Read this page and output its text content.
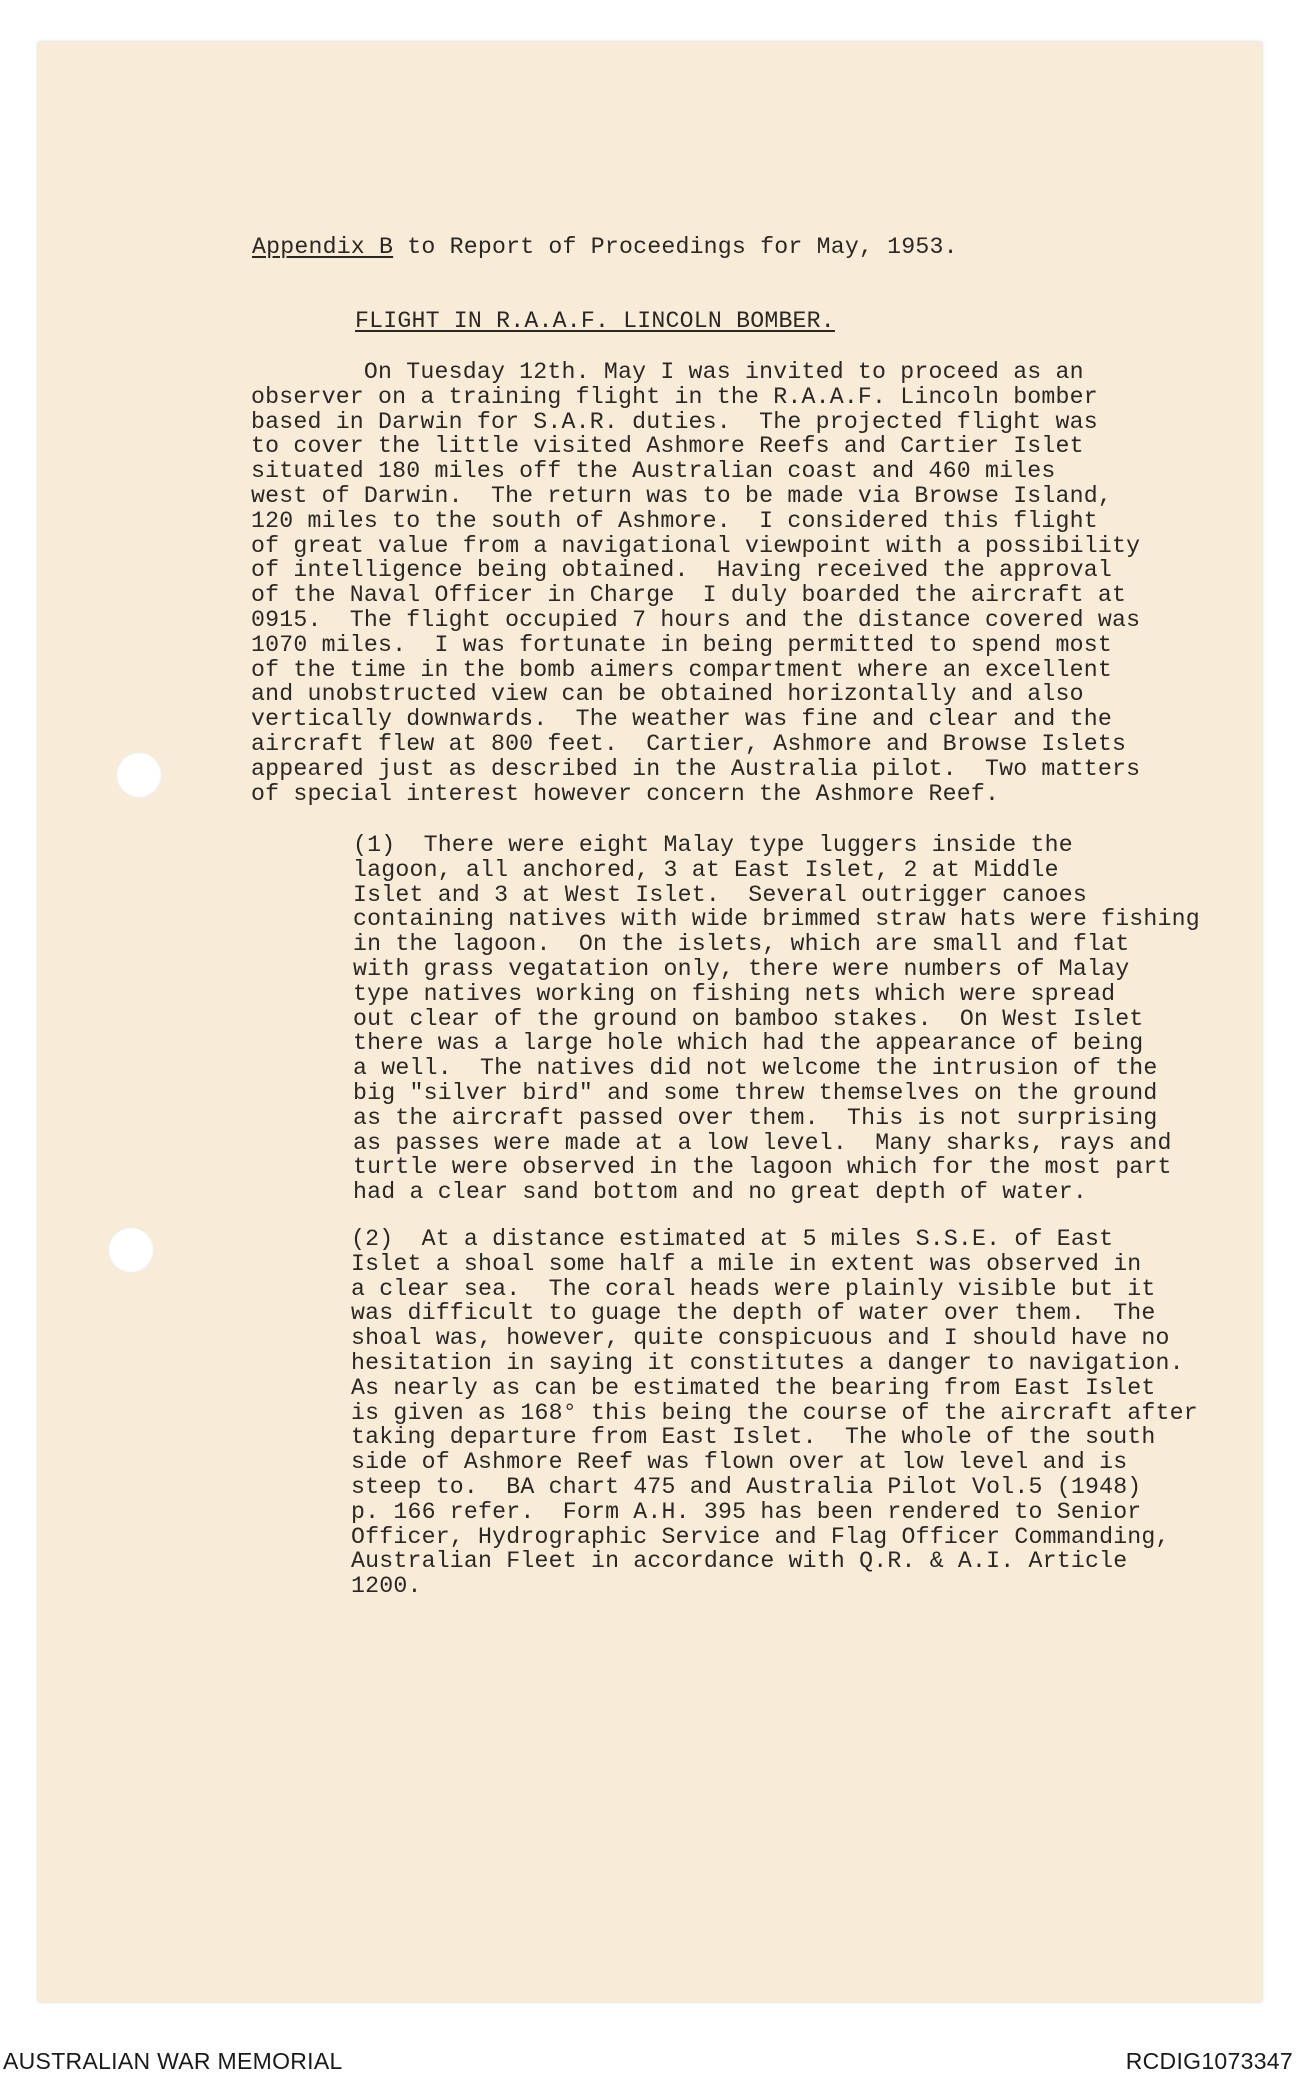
Appendix B to Report of Proceedings for May, 1953.
FLIGHT IN R.A.A.F. LINCOLN BOMBER.
On Tuesday 12th. May I was invited to proceed as an
observer on a training flight in the R.A.A.F. Lincoln bomber
based in Darwin for S.A.R. duties.  The projected flight was
to cover the little visited Ashmore Reefs and Cartier Islet
situated 180 miles off the Australian coast and 460 miles
west of Darwin.  The return was to be made via Browse Island,
120 miles to the south of Ashmore.  I considered this flight
of great value from a navigational viewpoint with a possibility
of intelligence being obtained.  Having received the approval
of the Naval Officer in Charge  I duly boarded the aircraft at
0915.  The flight occupied 7 hours and the distance covered was
1070 miles.  I was fortunate in being permitted to spend most
of the time in the bomb aimers compartment where an excellent
and unobstructed view can be obtained horizontally and also
vertically downwards.  The weather was fine and clear and the
aircraft flew at 800 feet.  Cartier, Ashmore and Browse Islets
appeared just as described in the Australia pilot.  Two matters
of special interest however concern the Ashmore Reef.
(1)  There were eight Malay type luggers inside the
lagoon, all anchored, 3 at East Islet, 2 at Middle
Islet and 3 at West Islet.  Several outrigger canoes
containing natives with wide brimmed straw hats were fishing
in the lagoon.  On the islets, which are small and flat
with grass vegatation only, there were numbers of Malay
type natives working on fishing nets which were spread
out clear of the ground on bamboo stakes.  On West Islet
there was a large hole which had the appearance of being
a well.  The natives did not welcome the intrusion of the
big "silver bird" and some threw themselves on the ground
as the aircraft passed over them.  This is not surprising
as passes were made at a low level.  Many sharks, rays and
turtle were observed in the lagoon which for the most part
had a clear sand bottom and no great depth of water.
(2)  At a distance estimated at 5 miles S.S.E. of East
Islet a shoal some half a mile in extent was observed in
a clear sea.  The coral heads were plainly visible but it
was difficult to guage the depth of water over them.  The
shoal was, however, quite conspicuous and I should have no
hesitation in saying it constitutes a danger to navigation.
As nearly as can be estimated the bearing from East Islet
is given as 168° this being the course of the aircraft after
taking departure from East Islet.  The whole of the south
side of Ashmore Reef was flown over at low level and is
steep to.  BA chart 475 and Australia Pilot Vol.5 (1948)
p. 166 refer.  Form A.H. 395 has been rendered to Senior
Officer, Hydrographic Service and Flag Officer Commanding,
Australian Fleet in accordance with Q.R. & A.I. Article
1200.
AUSTRALIAN WAR MEMORIAL	RCDIG1073347
